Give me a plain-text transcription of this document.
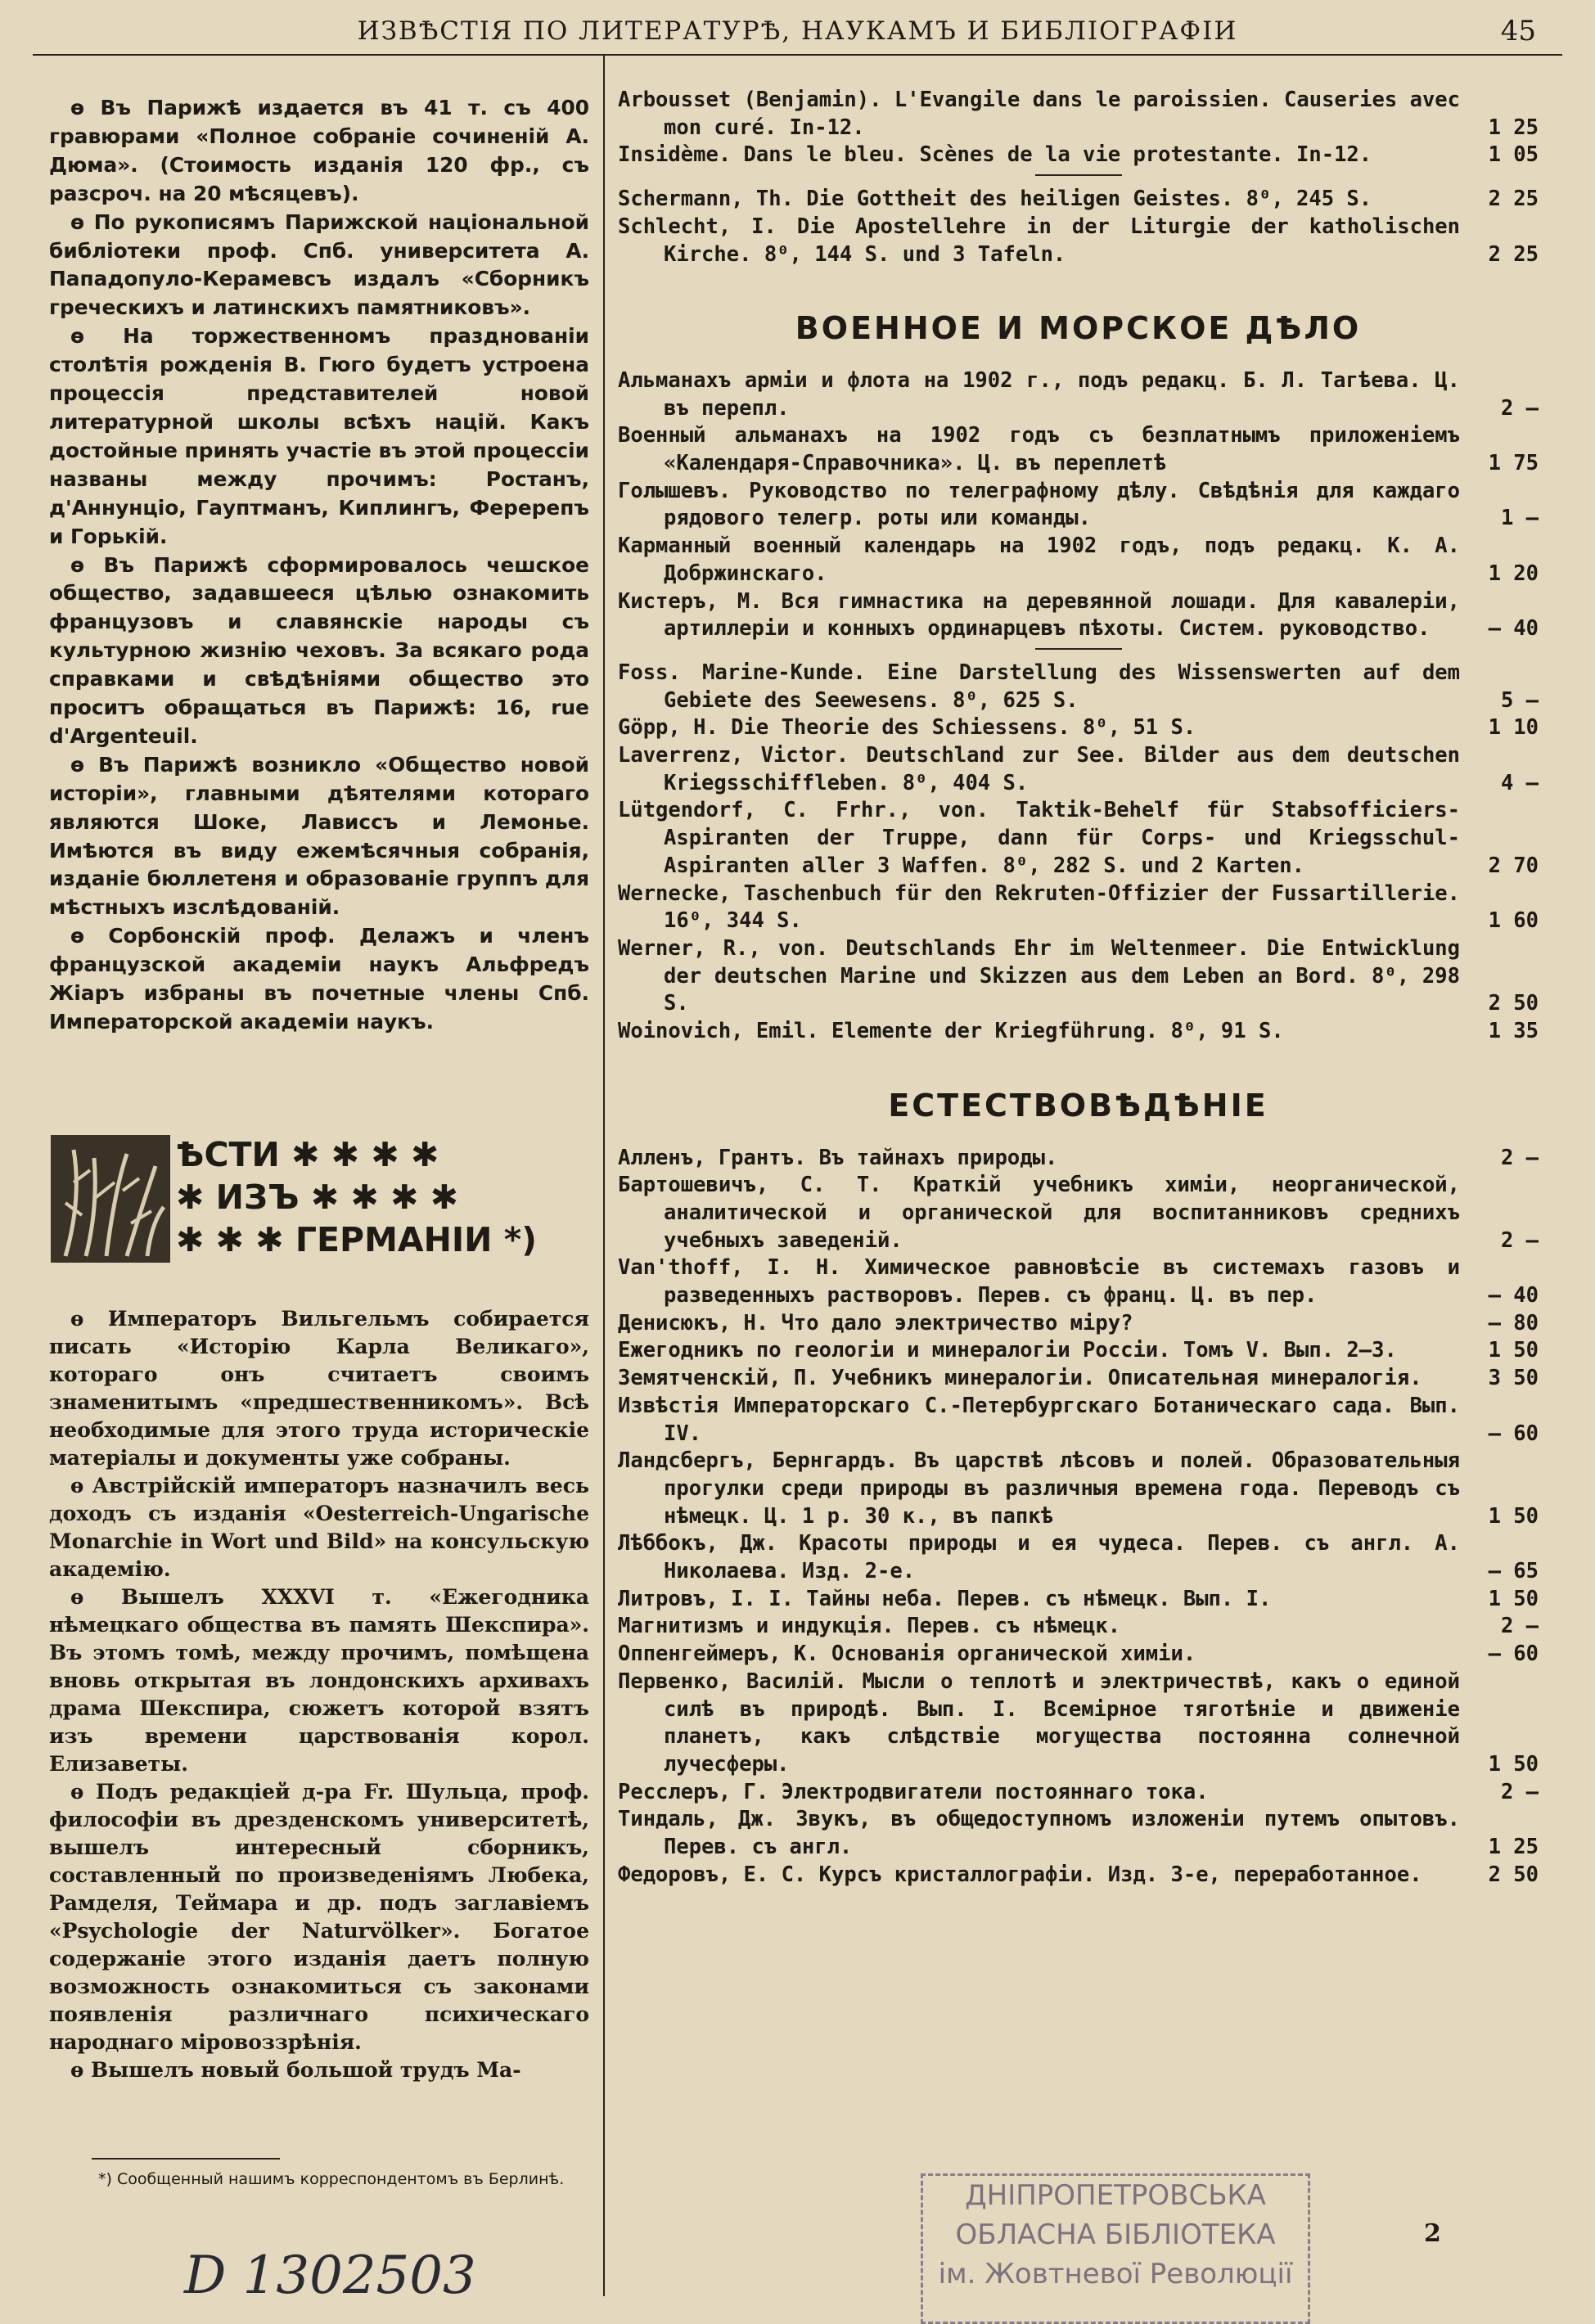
ИЗВѢСТІЯ ПО ЛИТЕРАТУРѢ, НАУКАМЪ И БИБЛІОГРАФІИ	45

ѳ Въ Парижѣ издается въ 41 т. съ 400 гравюрами «Полное собраніе сочиненій А. Дюма». (Стоимость изданія 120 фр., съ разсроч. на 20 мѣсяцевъ).

ѳ По рукописямъ Парижской національной библіотеки проф. Спб. университета А. Пападопуло-Керамевсъ издалъ «Сборникъ греческихъ и латинскихъ памятниковъ».

ѳ На торжественномъ празднованіи столѣтія рожденія В. Гюго будетъ устроена процессія представителей новой литературной школы всѣхъ націй. Какъ достойные принять участіе въ этой процессіи названы между прочимъ: Ростанъ, д'Аннунціо, Гауптманъ, Киплингъ, Феререпъ и Горькій.

ѳ Въ Парижѣ сформировалось чешское общество, задавшееся цѣлью ознакомить французовъ и славянскіе народы съ культурною жизнію чеховъ. За всякаго рода справками и свѣдѣніями общество это проситъ обращаться въ Парижѣ: 16, rue d'Argenteuil.

ѳ Въ Парижѣ возникло «Общество новой исторіи», главными дѣятелями котораго являются Шоке, Лависсъ и Лемонье. Имѣются въ виду ежемѣсячныя собранія, изданіе бюллетеня и образованіе группъ для мѣстныхъ изслѣдованій.

ѳ Сорбонскій проф. Делажъ и членъ французской академіи наукъ Альфредъ Жіаръ избраны въ почетные члены Спб. Императорской академіи наукъ.

ѢСТИ ✱ ✱ ✱ ✱
✱ ИЗЪ ✱ ✱ ✱ ✱
✱ ✱ ✱ ГЕРМАНІИ *)

ѳ Императоръ Вильгельмъ собирается писать «Исторію Карла Великаго», котораго онъ считаетъ своимъ знаменитымъ «предшественникомъ». Всѣ необходимые для этого труда историческіе матеріалы и документы уже собраны.

ѳ Австрійскій императоръ назначилъ весь доходъ съ изданія «Oesterreich-Ungarische Monarchie in Wort und Bild» на консульскую академію.

ѳ Вышелъ XXXVI т. «Ежегодника нѣмецкаго общества въ память Шекспира». Въ этомъ томѣ, между прочимъ, помѣщена вновь открытая въ лондонскихъ архивахъ драма Шекспира, сюжетъ которой взятъ изъ времени царствованія корол. Елизаветы.

ѳ Подъ редакціей д-ра Fr. Шульца, проф. философіи въ дрезденскомъ университетѣ, вышелъ интересный сборникъ, составленный по произведеніямъ Любека, Рамделя, Теймара и др. подъ заглавіемъ «Psychologie der Naturvölker». Богатое содержаніе этого изданія даетъ полную возможность ознакомиться съ законами появленія различнаго психическаго народнаго міровоззрѣнія.

ѳ Вышелъ новый большой трудъ Ма-

*) Сообщенный нашимъ корреспондентомъ въ Берлинѣ.
Arbousset (Benjamin). L'Evangile dans le paroissien. Causeries avec mon curé. In-12.	1 25
Insidème. Dans le bleu. Scènes de la vie protestante. In-12.	1 05
Schermann, Th. Die Gottheit des heiligen Geistes. 8⁰, 245 S.	2 25
Schlecht, I. Die Apostellehre in der Liturgie der katholischen Kirche. 8⁰, 144 S. und 3 Tafeln.	2 25
ВОЕННОЕ И МОРСКОЕ ДѢЛО
Альманахъ арміи и флота на 1902 г., подъ редакц. Б. Л. Тагѣева. Ц. въ перепл.	2 —
Военный альманахъ на 1902 годъ съ безплатнымъ приложеніемъ «Календаря-Справочника». Ц. въ переплетѣ	1 75
Голышевъ. Руководство по телеграфному дѣлу. Свѣдѣнія для каждаго рядового телегр. роты или команды.	1 —
Карманный военный календарь на 1902 годъ, подъ редакц. К. А. Добржинскаго.	1 20
Кистеръ, М. Вся гимнастика на деревянной лошади. Для кавалеріи, артиллеріи и конныхъ ординарцевъ пѣхоты. Систем. руководство.	— 40
Foss. Marine-Kunde. Eine Darstellung des Wissenswerten auf dem Gebiete des Seewesens. 8⁰, 625 S.	5 —
Göpp, H. Die Theorie des Schiessens. 8⁰, 51 S.	1 10
Laverrenz, Victor. Deutschland zur See. Bilder aus dem deutschen Kriegsschiffleben. 8⁰, 404 S.	4 —
Lütgendorf, C. Frhr., von. Taktik-Behelf für Stabsofficiers-Aspiranten der Truppe, dann für Corps- und Kriegsschul-Aspiranten aller 3 Waffen. 8⁰, 282 S. und 2 Karten.	2 70
Wernecke, Taschenbuch für den Rekruten-Offizier der Fussartillerie. 16⁰, 344 S.	1 60
Werner, R., von. Deutschlands Ehr im Weltenmeer. Die Entwicklung der deutschen Marine und Skizzen aus dem Leben an Bord. 8⁰, 298 S.	2 50
Woinovich, Emil. Elemente der Kriegführung. 8⁰, 91 S.	1 35
ЕСТЕСТВОВѢДѢНІЕ
Алленъ, Грантъ. Въ тайнахъ природы.	2 —
Бартошевичъ, С. Т. Краткій учебникъ химіи, неорганической, аналитической и органической для воспитанниковъ среднихъ учебныхъ заведеній.	2 —
Van'thoff, I. Н. Химическое равновѣсіе въ системахъ газовъ и разведенныхъ растворовъ. Перев. съ франц. Ц. въ пер.	— 40
Денисюкъ, Н. Что дало электричество міру?	— 80
Ежегодникъ по геологіи и минералогіи Россіи. Томъ V. Вып. 2—3.	1 50
Земятченскій, П. Учебникъ минералогіи. Описательная минералогія.	3 50
Извѣстія Императорскаго С.-Петербургскаго Ботаническаго сада. Вып. IV.	— 60
Ландсбергъ, Бернгардъ. Въ царствѣ лѣсовъ и полей. Образовательныя прогулки среди природы въ различныя времена года. Переводъ съ нѣмецк. Ц. 1 р. 30 к., въ папкѣ	1 50
Лѣббокъ, Дж. Красоты природы и ея чудеса. Перев. съ англ. А. Николаева. Изд. 2-е.	— 65
Литровъ, I. I. Тайны неба. Перев. съ нѣмецк. Вып. I.	1 50
Магнитизмъ и индукція. Перев. съ нѣмецк.	2 —
Оппенгеймеръ, К. Основанія органической химіи.	— 60
Первенко, Василій. Мысли о теплотѣ и электричествѣ, какъ о единой силѣ въ природѣ. Вып. I. Всемірное тяготѣніе и движеніе планетъ, какъ слѣдствіе могущества постоянна солнечной лучесферы.	1 50
Ресслеръ, Г. Электродвигатели постояннаго тока.	2 —
Тиндаль, Дж. Звукъ, въ общедоступномъ изложеніи путемъ опытовъ. Перев. съ англ.	1 25
Федоровъ, Е. С. Курсъ кристаллографіи. Изд. 3-е, переработанное.	2 50
ДНІПРОПЕТРОВСЬКА
ОБЛАСНА БІБЛІОТЕКА
ім. Жовтневої Революції
2
D 1302503
